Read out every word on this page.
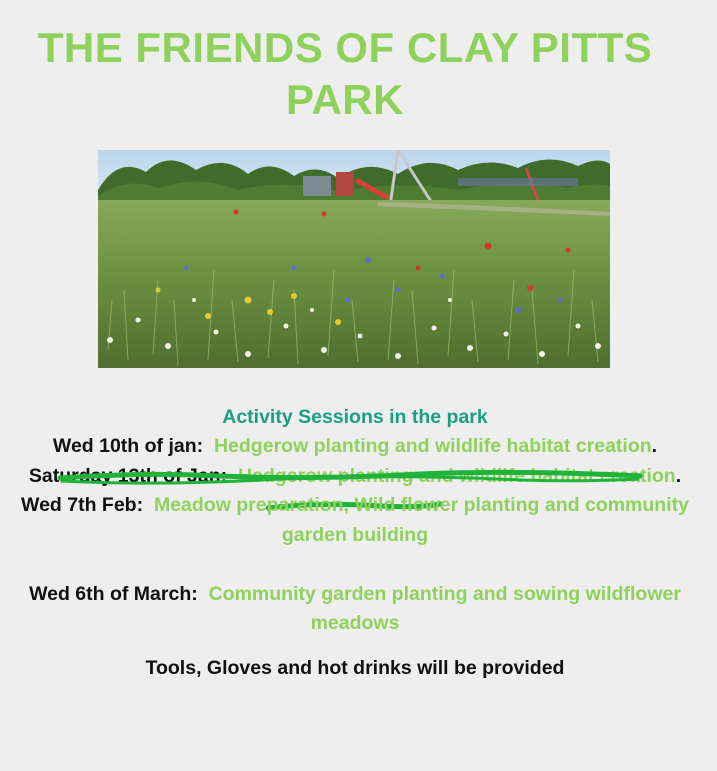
THE FRIENDS OF CLAY PITTS PARK
Activity Sessions in the park
Wed 10th of jan: Hedgerow planting and wildlife habitat creation.
Saturday 13th of Jan: Hedgerow planting and wildlife habitat creation.
Wed 7th Feb: Meadow preparation, Wild flower planting and community garden building
Wed 6th of March: Community garden planting and sowing wildflower meadows
Tools, Gloves and hot drinks will be provided
